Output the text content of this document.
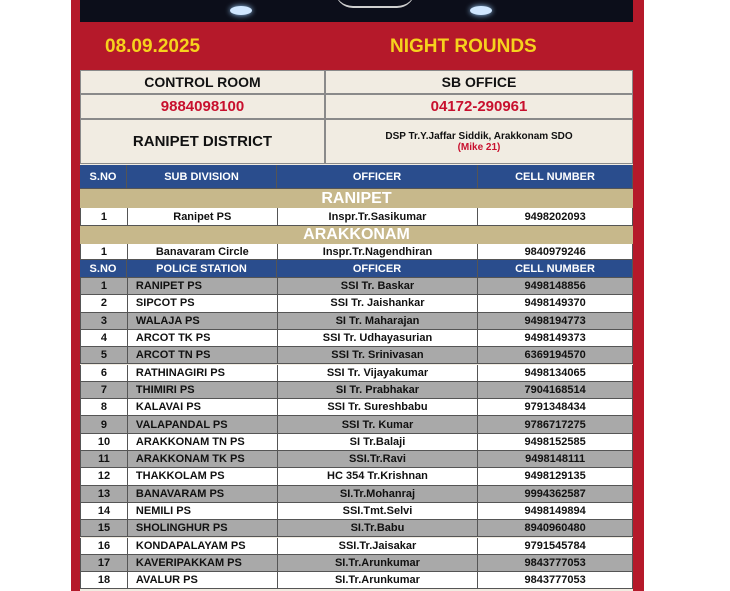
08.09.2025	NIGHT ROUNDS
CONTROL ROOM	SB OFFICE
9884098100	04172-290961
RANIPET DISTRICT	DSP Tr.Y.Jaffar Siddik, Arakkonam SDO
(Mike 21)
S.NO	SUB DIVISION	OFFICER	CELL NUMBER
RANIPET
1	Ranipet PS	Inspr.Tr.Sasikumar	9498202093
ARAKKONAM
1	Banavaram Circle	Inspr.Tr.Nagendhiran	9840979246
S.NO	POLICE STATION	OFFICER	CELL NUMBER
1	RANIPET PS	SSI Tr. Baskar	9498148856
2	SIPCOT PS	SSI Tr. Jaishankar	9498149370
3	WALAJA PS	SI Tr. Maharajan	9498194773
4	ARCOT TK PS	SSI Tr. Udhayasurian	9498149373
5	ARCOT TN PS	SSI Tr. Srinivasan	6369194570
6	RATHINAGIRI PS	SSI Tr. Vijayakumar	9498134065
7	THIMIRI PS	SI Tr. Prabhakar	7904168514
8	KALAVAI PS	SSI Tr. Sureshbabu	9791348434
9	VALAPANDAL PS	SSI Tr. Kumar	9786717275
10	ARAKKONAM TN PS	SI Tr.Balaji	9498152585
11	ARAKKONAM TK PS	SSI.Tr.Ravi	9498148111
12	THAKKOLAM PS	HC 354 Tr.Krishnan	9498129135
13	BANAVARAM PS	SI.Tr.Mohanraj	9994362587
14	NEMILI PS	SSI.Tmt.Selvi	9498149894
15	SHOLINGHUR PS	SI.Tr.Babu	8940960480
16	KONDAPALAYAM PS	SSI.Tr.Jaisakar	9791545784
17	KAVERIPAKKAM PS	SI.Tr.Arunkumar	9843777053
18	AVALUR PS	SI.Tr.Arunkumar	9843777053
